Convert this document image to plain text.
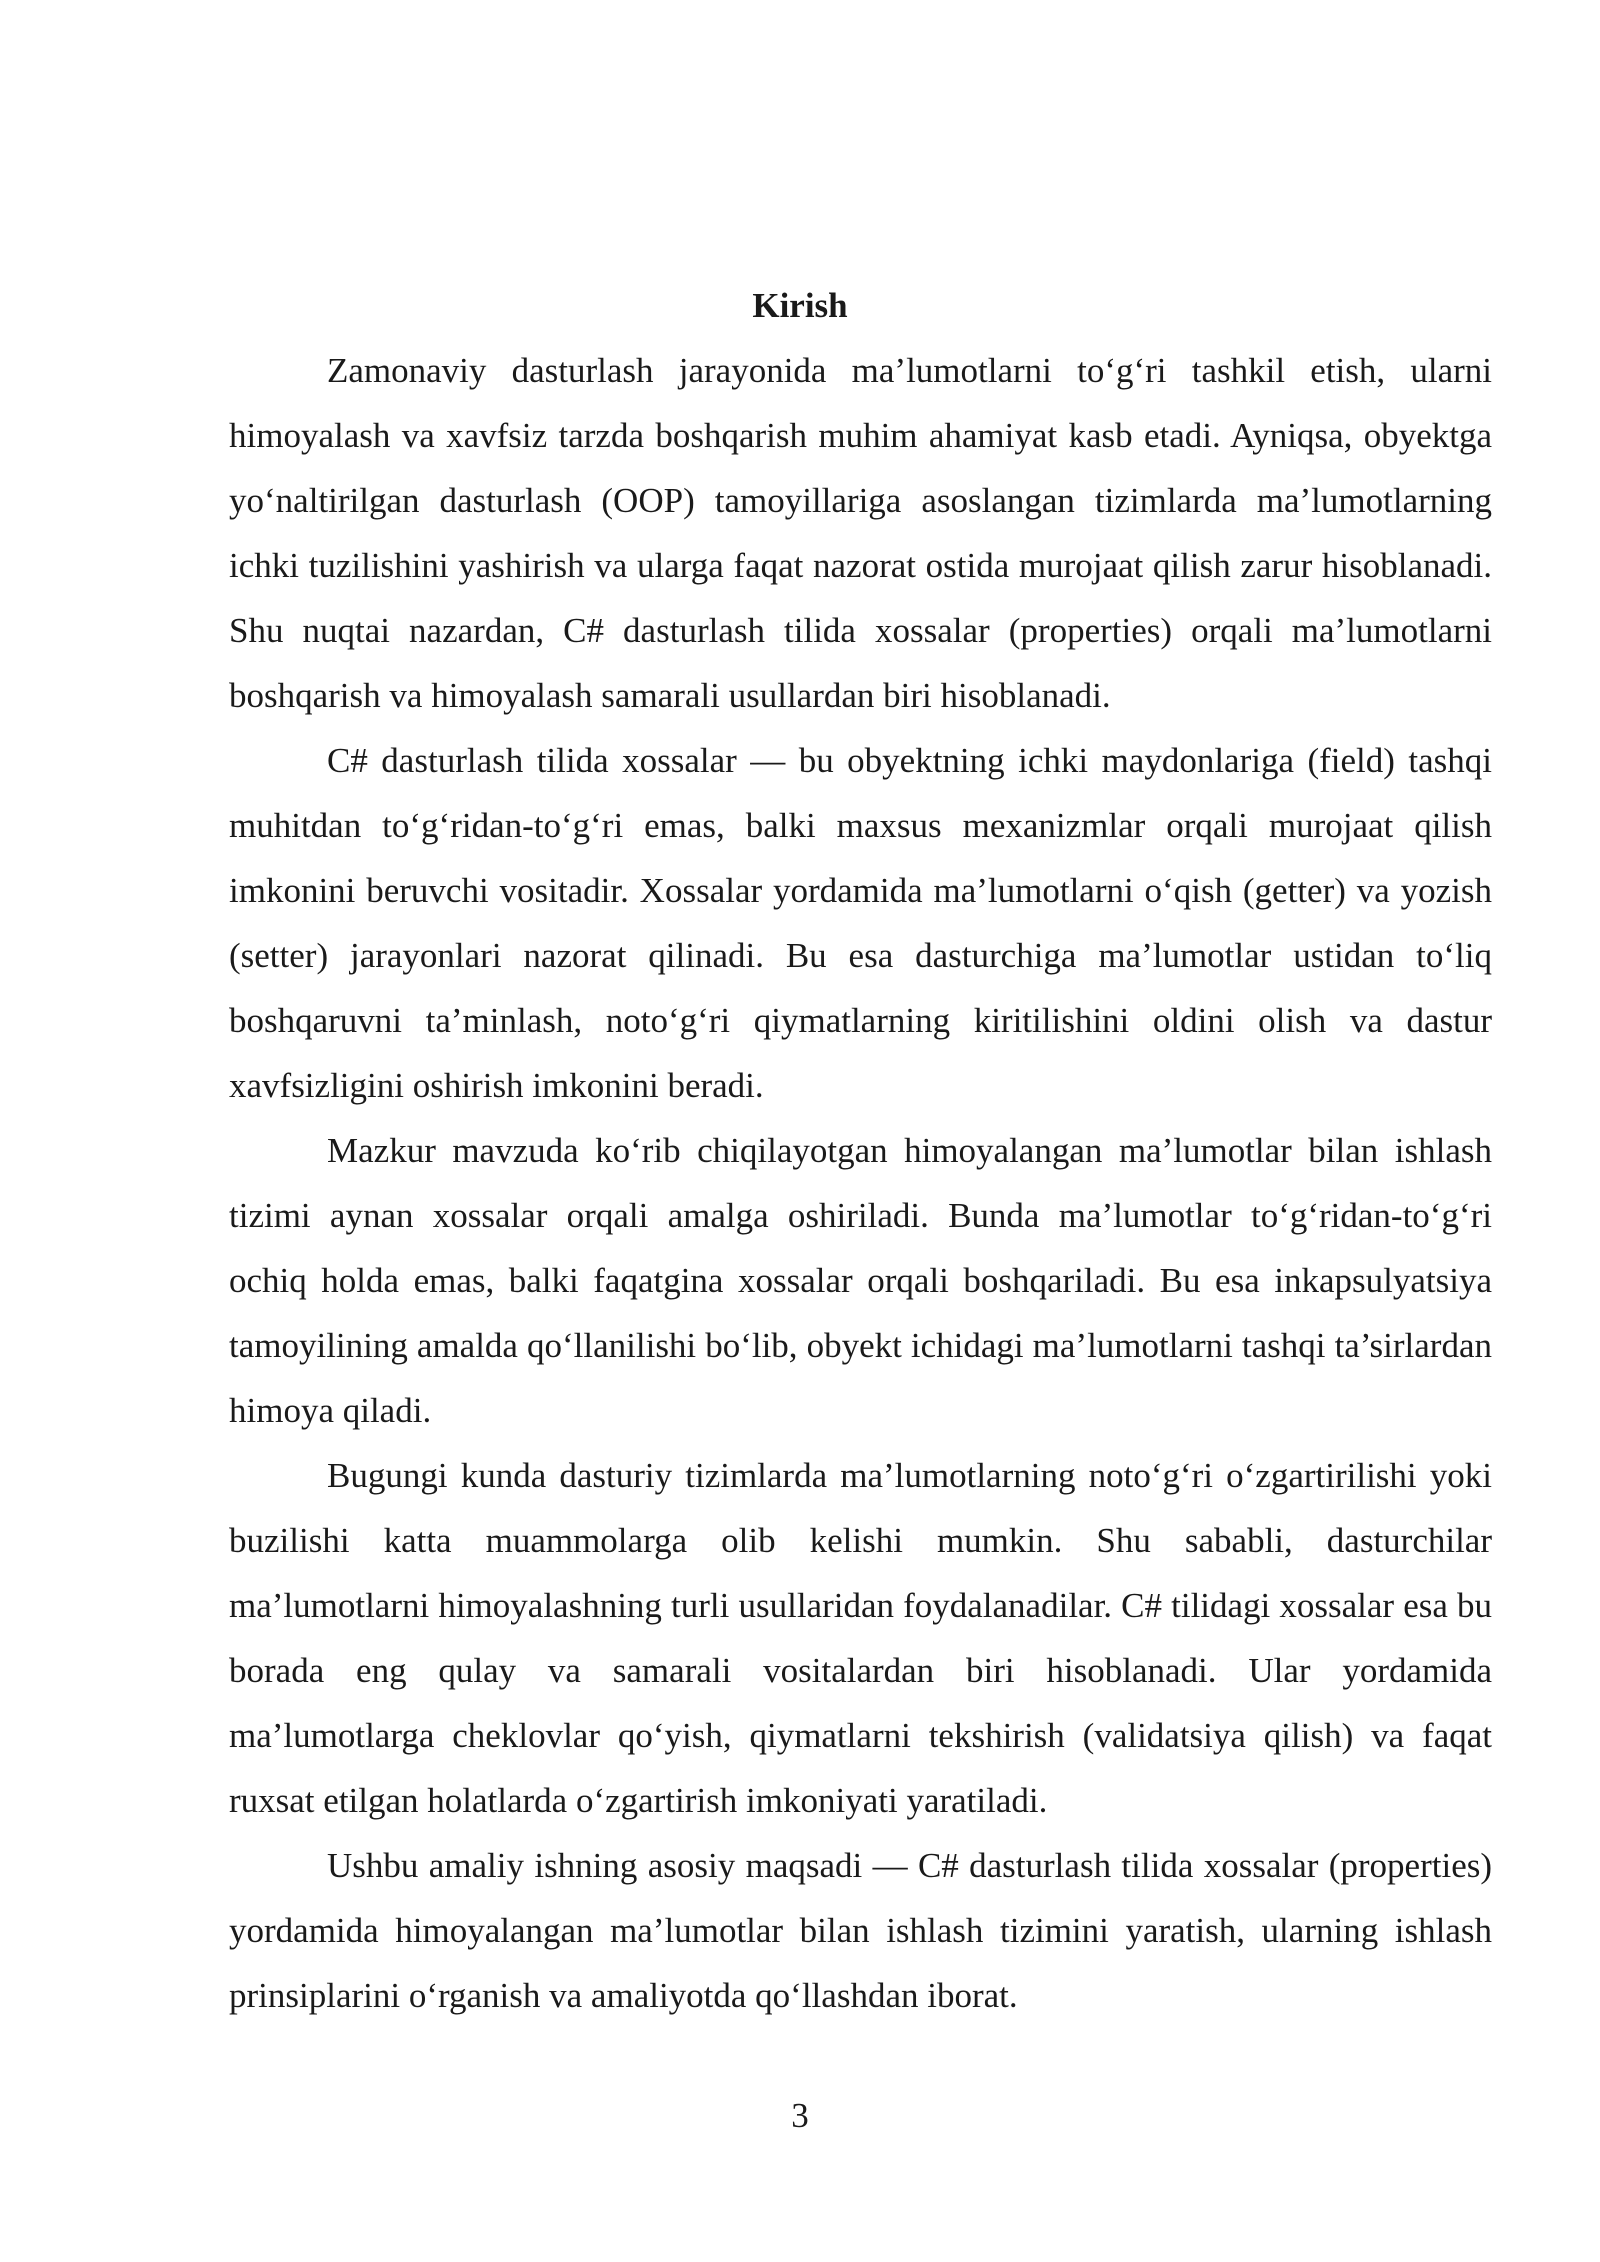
Kirish

Zamonaviy dasturlash jarayonida ma’lumotlarni to‘g‘ri tashkil etish, ularni himoyalash va xavfsiz tarzda boshqarish muhim ahamiyat kasb etadi. Ayniqsa, obyektga yo‘naltirilgan dasturlash (OOP) tamoyillariga asoslangan tizimlarda ma’lumotlarning ichki tuzilishini yashirish va ularga faqat nazorat ostida murojaat qilish zarur hisoblanadi. Shu nuqtai nazardan, C# dasturlash tilida xossalar (properties) orqali ma’lumotlarni boshqarish va himoyalash samarali usullardan biri hisoblanadi.

C# dasturlash tilida xossalar — bu obyektning ichki maydonlariga (field) tashqi muhitdan to‘g‘ridan-to‘g‘ri emas, balki maxsus mexanizmlar orqali murojaat qilish imkonini beruvchi vositadir. Xossalar yordamida ma’lumotlarni o‘qish (getter) va yozish (setter) jarayonlari nazorat qilinadi. Bu esa dasturchiga ma’lumotlar ustidan to‘liq boshqaruvni ta’minlash, noto‘g‘ri qiymatlarning kiritilishini oldini olish va dastur xavfsizligini oshirish imkonini beradi.

Mazkur mavzuda ko‘rib chiqilayotgan himoyalangan ma’lumotlar bilan ishlash tizimi aynan xossalar orqali amalga oshiriladi. Bunda ma’lumotlar to‘g‘ridan-to‘g‘ri ochiq holda emas, balki faqatgina xossalar orqali boshqariladi. Bu esa inkapsulyatsiya tamoyilining amalda qo‘llanilishi bo‘lib, obyekt ichidagi ma’lumotlarni tashqi ta’sirlardan himoya qiladi.

Bugungi kunda dasturiy tizimlarda ma’lumotlarning noto‘g‘ri o‘zgartirilishi yoki buzilishi katta muammolarga olib kelishi mumkin. Shu sababli, dasturchilar ma’lumotlarni himoyalashning turli usullaridan foydalanadilar. C# tilidagi xossalar esa bu borada eng qulay va samarali vositalardan biri hisoblanadi. Ular yordamida ma’lumotlarga cheklovlar qo‘yish, qiymatlarni tekshirish (validatsiya qilish) va faqat ruxsat etilgan holatlarda o‘zgartirish imkoniyati yaratiladi.

Ushbu amaliy ishning asosiy maqsadi — C# dasturlash tilida xossalar (properties) yordamida himoyalangan ma’lumotlar bilan ishlash tizimini yaratish, ularning ishlash prinsiplarini o‘rganish va amaliyotda qo‘llashdan iborat.

3
